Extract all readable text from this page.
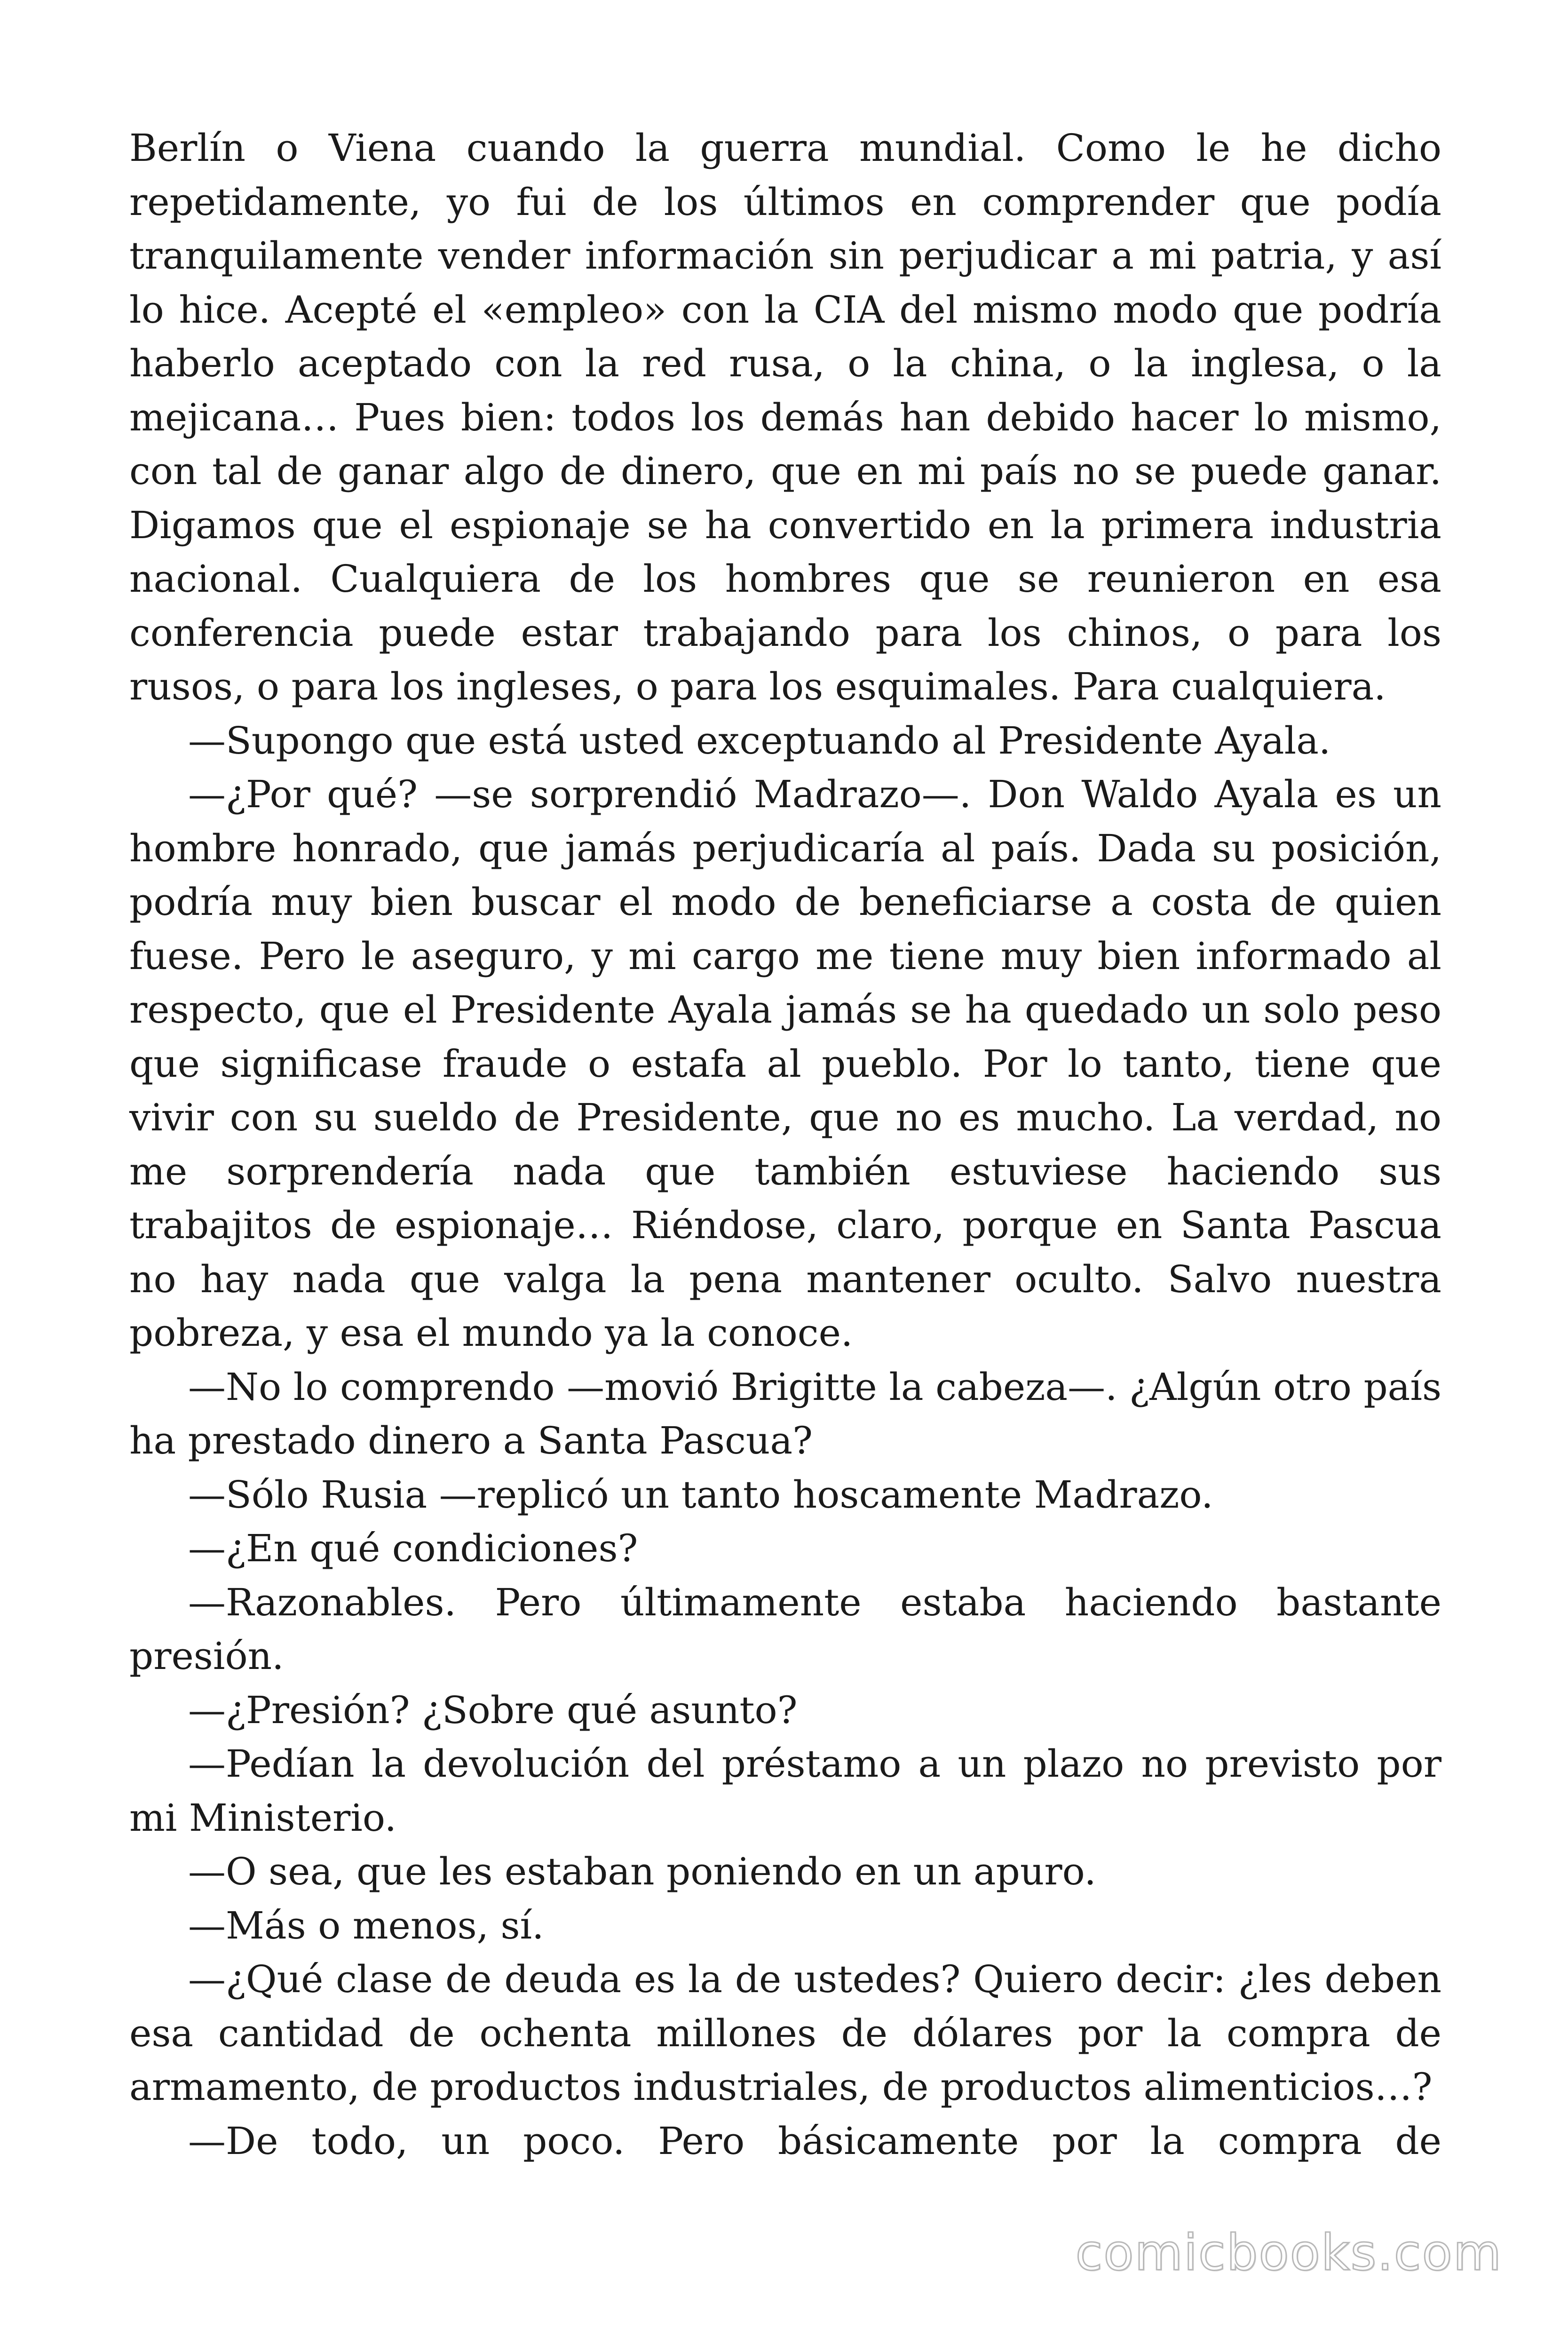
Berlín o Viena cuando la guerra mundial. Como le he dicho repetidamente, yo fui de los últimos en comprender que podía tranquilamente vender información sin perjudicar a mi patria, y así lo hice. Acepté el «empleo» con la CIA del mismo modo que podría haberlo aceptado con la red rusa, o la china, o la inglesa, o la mejicana… Pues bien: todos los demás han debido hacer lo mismo, con tal de ganar algo de dinero, que en mi país no se puede ganar. Digamos que el espionaje se ha convertido en la primera industria nacional. Cualquiera de los hombres que se reunieron en esa conferencia puede estar trabajando para los chinos, o para los rusos, o para los ingleses, o para los esquimales. Para cualquiera.

—Supongo que está usted exceptuando al Presidente Ayala.

—¿Por qué? —se sorprendió Madrazo—. Don Waldo Ayala es un hombre honrado, que jamás perjudicaría al país. Dada su posición, podría muy bien buscar el modo de beneficiarse a costa de quien fuese. Pero le aseguro, y mi cargo me tiene muy bien informado al respecto, que el Presidente Ayala jamás se ha quedado un solo peso que significase fraude o estafa al pueblo. Por lo tanto, tiene que vivir con su sueldo de Presidente, que no es mucho. La verdad, no me sorprendería nada que también estuviese haciendo sus trabajitos de espionaje… Riéndose, claro, porque en Santa Pascua no hay nada que valga la pena mantener oculto. Salvo nuestra pobreza, y esa el mundo ya la conoce.

—No lo comprendo —movió Brigitte la cabeza—. ¿Algún otro país ha prestado dinero a Santa Pascua?

—Sólo Rusia —replicó un tanto hoscamente Madrazo.

—¿En qué condiciones?

—Razonables. Pero últimamente estaba haciendo bastante presión.

—¿Presión? ¿Sobre qué asunto?

—Pedían la devolución del préstamo a un plazo no previsto por mi Ministerio.

—O sea, que les estaban poniendo en un apuro.

—Más o menos, sí.

—¿Qué clase de deuda es la de ustedes? Quiero decir: ¿les deben esa cantidad de ochenta millones de dólares por la compra de armamento, de productos industriales, de productos alimenticios…?

—De todo, un poco. Pero básicamente por la compra de

comicbooks.com
